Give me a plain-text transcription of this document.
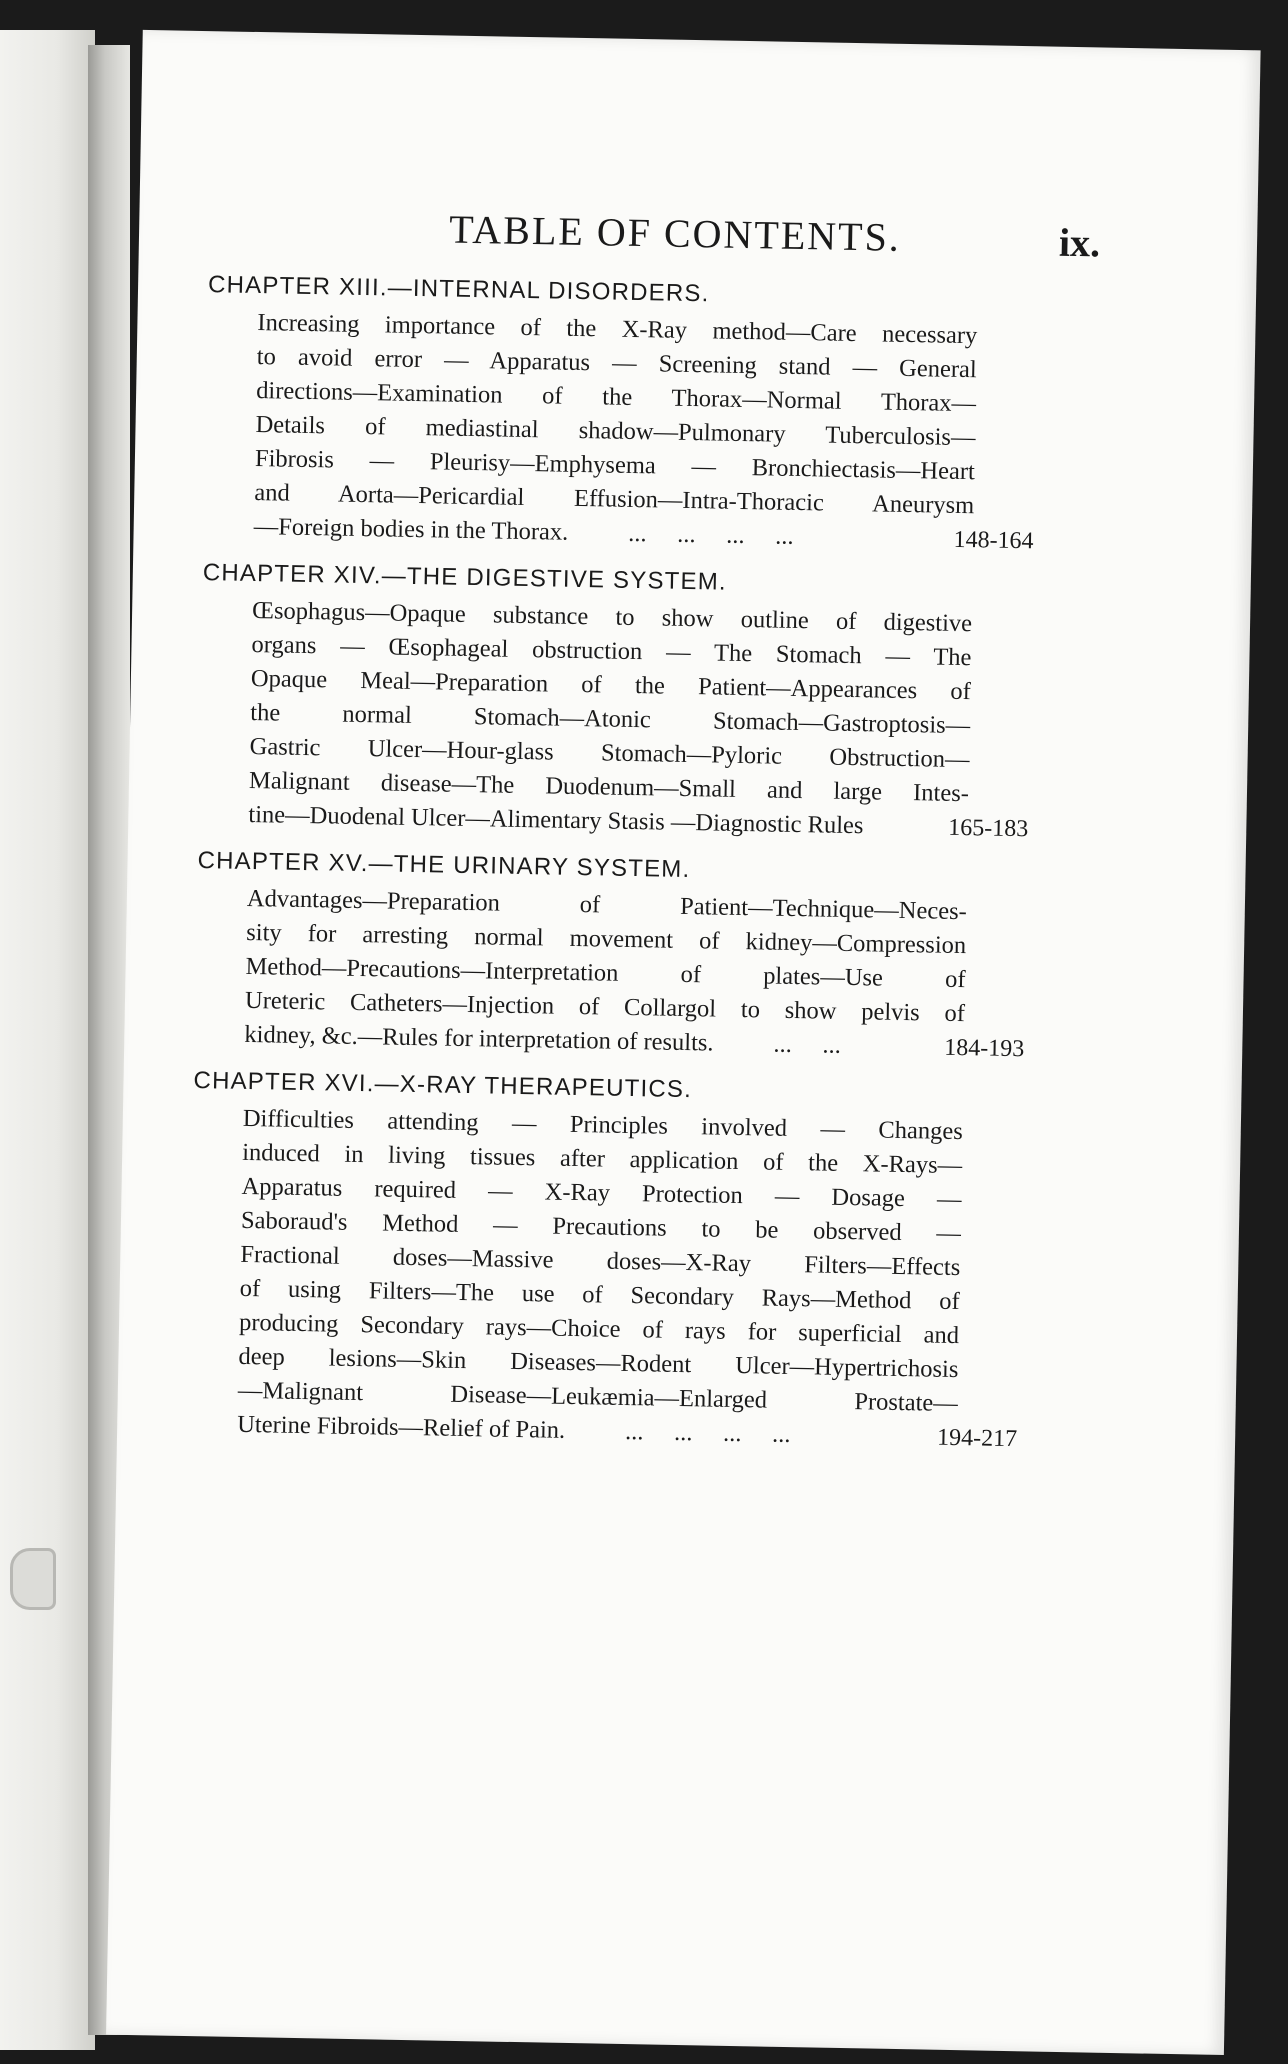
TABLE OF CONTENTS.	ix.
CHAPTER XIII.—INTERNAL DISORDERS.
Increasing importance of the X-Ray method—Care necessary
to avoid error — Apparatus — Screening stand — General
directions—Examination of the Thorax—Normal Thorax—
Details of mediastinal shadow—Pulmonary Tuberculosis—
Fibrosis — Pleurisy—Emphysema — Bronchiectasis—Heart
and Aorta—Pericardial Effusion—Intra-Thoracic Aneurysm
—Foreign bodies in the Thorax. ...     ...     ...     ...	148-164
CHAPTER XIV.—THE DIGESTIVE SYSTEM.
Œsophagus—Opaque substance to show outline of digestive
organs — Œsophageal obstruction — The Stomach — The
Opaque Meal—Preparation of the Patient—Appearances of
the normal Stomach—Atonic Stomach—Gastroptosis—
Gastric Ulcer—Hour-glass Stomach—Pyloric Obstruction—
Malignant disease—The Duodenum—Small and large Intes-
tine—Duodenal Ulcer—Alimentary Stasis —Diagnostic Rules	165-183
CHAPTER XV.—THE URINARY SYSTEM.
Advantages—Preparation of Patient—Technique—Neces-
sity for arresting normal movement of kidney—Compression
Method—Precautions—Interpretation of plates—Use of
Ureteric Catheters—Injection of Collargol to show pelvis of
kidney, &c.—Rules for interpretation of results. ...     ...	184-193
CHAPTER XVI.—X-RAY THERAPEUTICS.
Difficulties attending — Principles involved — Changes
induced in living tissues after application of the X-Rays—
Apparatus required — X-Ray Protection — Dosage —
Saboraud's Method — Precautions to be observed —
Fractional doses—Massive doses—X-Ray Filters—Effects
of using Filters—The use of Secondary Rays—Method of
producing Secondary rays—Choice of rays for superficial and
deep lesions—Skin Diseases—Rodent Ulcer—Hypertrichosis
—Malignant Disease—Leukæmia—Enlarged Prostate—
Uterine Fibroids—Relief of Pain. ...     ...     ...     ...	194-217
